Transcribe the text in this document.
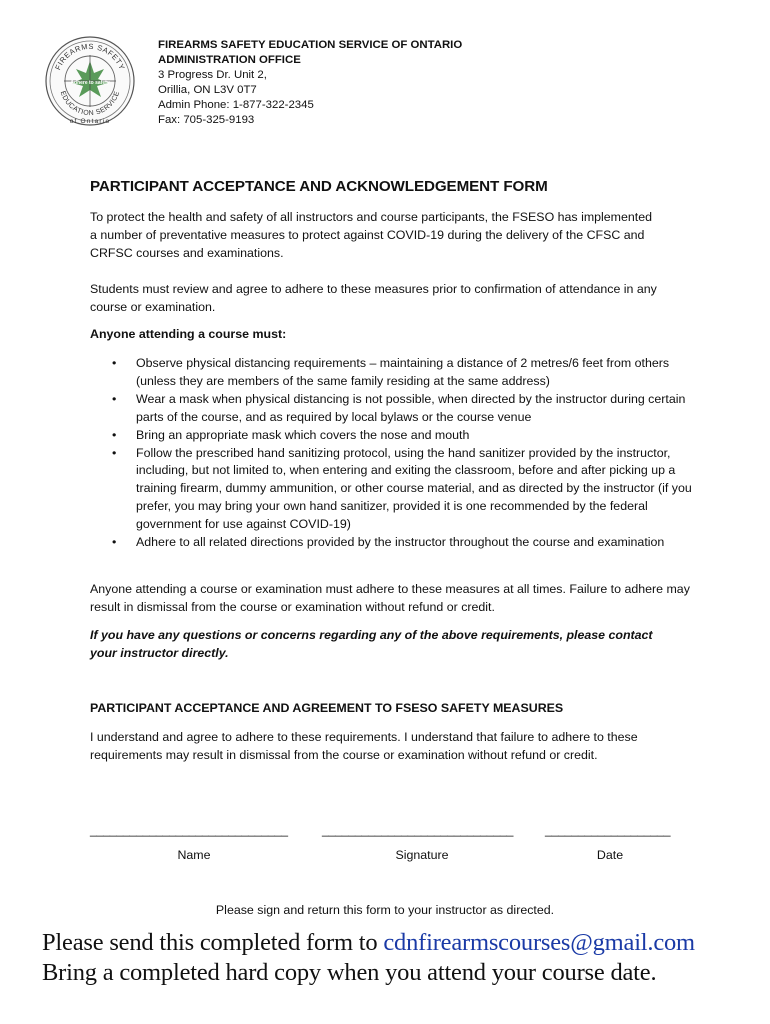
FIREARMS SAFETY
EDUCATION SERVICE
of Ontario
Adhere to safety
FIREARMS SAFETY EDUCATION SERVICE OF ONTARIO
ADMINISTRATION OFFICE
3 Progress Dr. Unit 2,
Orillia, ON L3V 0T7
Admin Phone: 1-877-322-2345
Fax: 705-325-9193
PARTICIPANT ACCEPTANCE AND ACKNOWLEDGEMENT FORM
To protect the health and safety of all instructors and course participants, the FSESO has implemented a number of preventative measures to protect against COVID-19 during the delivery of the CFSC and CRFSC courses and examinations.
Students must review and agree to adhere to these measures prior to confirmation of attendance in any course or examination.
Anyone attending a course must:
• Observe physical distancing requirements – maintaining a distance of 2 metres/6 feet from others (unless they are members of the same family residing at the same address)
• Wear a mask when physical distancing is not possible, when directed by the instructor during certain parts of the course, and as required by local bylaws or the course venue
• Bring an appropriate mask which covers the nose and mouth
• Follow the prescribed hand sanitizing protocol, using the hand sanitizer provided by the instructor, including, but not limited to, when entering and exiting the classroom, before and after picking up a training firearm, dummy ammunition, or other course material, and as directed by the instructor (if you prefer, you may bring your own hand sanitizer, provided it is one recommended by the federal government for use against COVID-19)
• Adhere to all related directions provided by the instructor throughout the course and examination
Anyone attending a course or examination must adhere to these measures at all times. Failure to adhere may result in dismissal from the course or examination without refund or credit.
If you have any questions or concerns regarding any of the above requirements, please contact your instructor directly.
PARTICIPANT ACCEPTANCE AND AGREEMENT TO FSESO SAFETY MEASURES
I understand and agree to adhere to these requirements. I understand that failure to adhere to these requirements may result in dismissal from the course or examination without refund or credit.
______________________________	_____________________________	___________________
Name	Signature	Date
Please sign and return this form to your instructor as directed.
Please send this completed form to cdnfirearmscourses@gmail.com
Bring a completed hard copy when you attend your course date.
